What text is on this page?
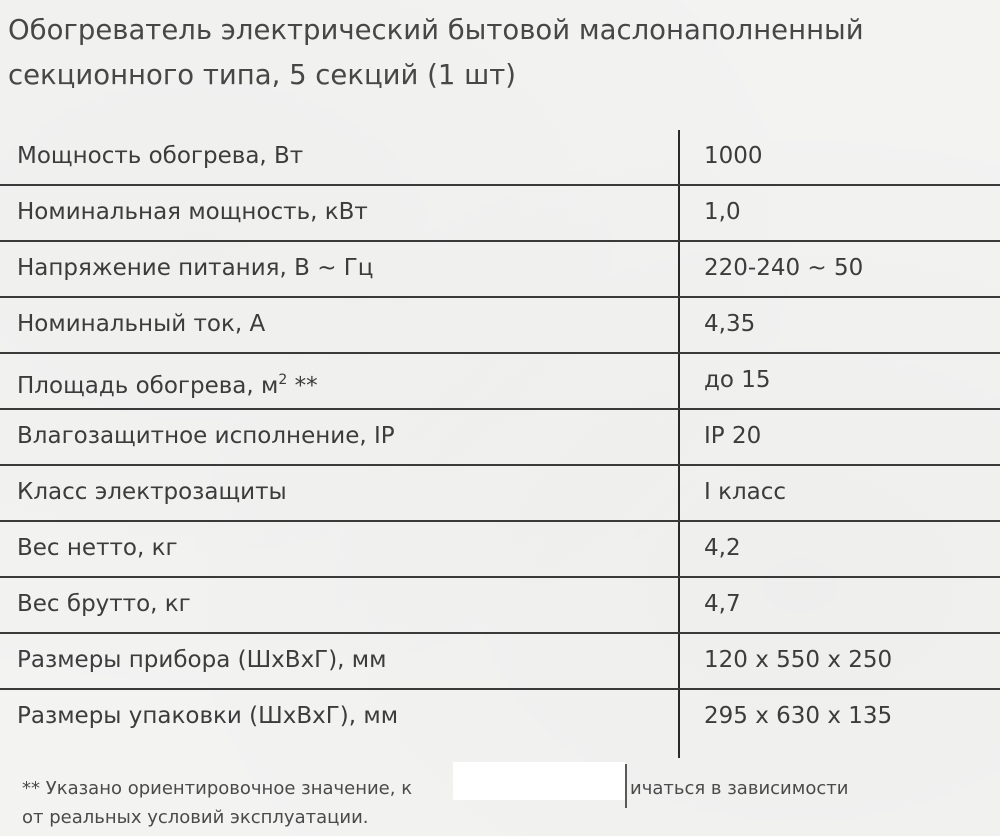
Обогреватель электрический бытовой маслонаполненный
секционного типа, 5 секций (1 шт)
Мощность обогрева, Вт	1000
Номинальная мощность, кВт	1,0
Напряжение питания, В ~ Гц	220-240 ~ 50
Номинальный ток, А	4,35
Площадь обогрева, $м^2$ **	до 15
Влагозащитное исполнение, IP	IP 20
Класс электрозащиты	I класс
Вес нетто, кг	4,2
Вес брутто, кг	4,7
Размеры прибора (ШхВхГ), мм	120 x 550 x 250
Размеры упаковки (ШхВхГ), мм	295 x 630 x 135
** Указано ориентировочное значение, к
от реальных условий эксплуатации.
ичаться в зависимости
